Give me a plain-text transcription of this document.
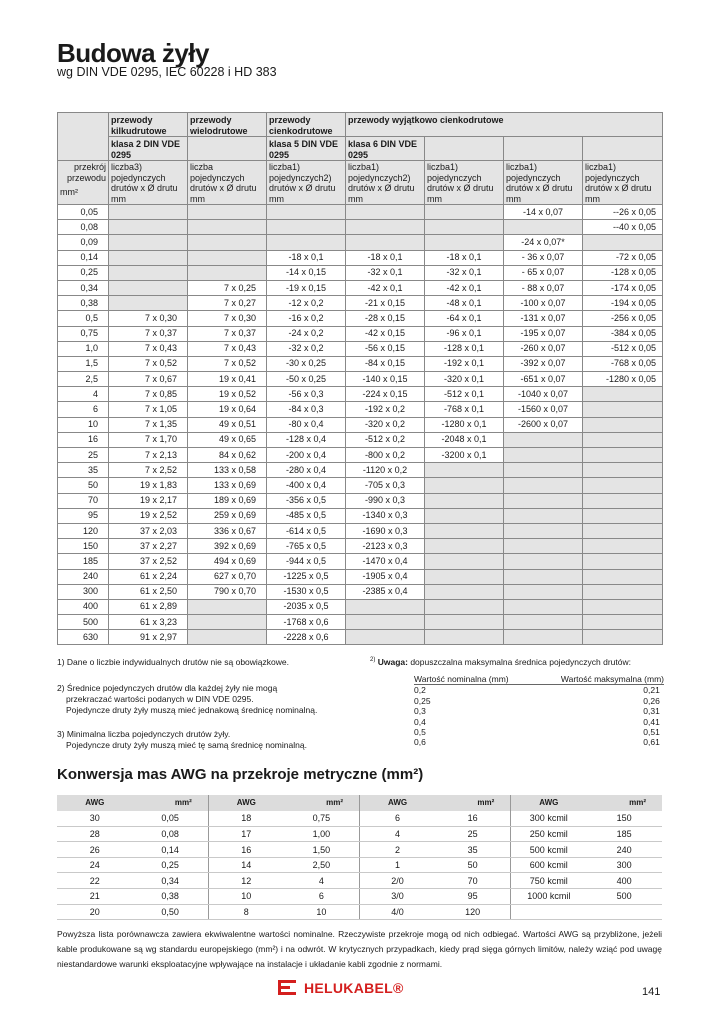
Budowa żyły
wg DIN VDE 0295, IEC 60228 i HD 383
	przewody kilkudrutowe	przewody wielodrutowe	przewody cienkodrutowe	przewody wyjątkowo cienkodrutowe			
	klasa 2 DIN VDE 0295		klasa 5 DIN VDE 0295	klasa 6 DIN VDE 0295			

przekrój przewodu
mm²	liczba3) pojedynczych drutów x Ø drutu mm	liczba pojedynczych drutów x Ø drutu mm	liczba1) pojedynczych2) drutów x Ø drutu mm	liczba1) pojedynczych2) drutów x Ø drutu mm	liczba1) pojedynczych drutów x Ø drutu mm	liczba1) pojedynczych drutów x Ø drutu mm	liczba1) pojedynczych drutów x Ø drutu mm
0,05						-14 x 0,07	--26 x 0,05
0,08							--40 x 0,05
0,09						-24 x 0,07*	
0,14			-18 x 0,1	-18 x 0,1	-18 x 0,1	- 36 x 0,07	-72 x 0,05
0,25			-14 x 0,15	-32 x 0,1	-32 x 0,1	- 65 x 0,07	-128 x 0,05
0,34		7 x 0,25	-19 x 0,15	-42 x 0,1	-42 x 0,1	- 88 x 0,07	-174 x 0,05
0,38		7 x 0,27	-12 x 0,2	-21 x 0,15	-48 x 0,1	-100 x 0,07	-194 x 0,05
0,5	7 x 0,30	7 x 0,30	-16 x 0,2	-28 x 0,15	-64 x 0,1	-131 x 0,07	-256 x 0,05
0,75	7 x 0,37	7 x 0,37	-24 x 0,2	-42 x 0,15	-96 x 0,1	-195 x 0,07	-384 x 0,05
1,0	7 x 0,43	7 x 0,43	-32 x 0,2	-56 x 0,15	-128 x 0,1	-260 x 0,07	-512 x 0,05
1,5	7 x 0,52	7 x 0,52	-30 x 0,25	-84 x 0,15	-192 x 0,1	-392 x 0,07	-768 x 0,05
2,5	7 x 0,67	19 x 0,41	-50 x 0,25	-140 x 0,15	-320 x 0,1	-651 x 0,07	-1280 x 0,05
4	7 x 0,85	19 x 0,52	-56 x 0,3	-224 x 0,15	-512 x 0,1	-1040 x 0,07	
6	7 x 1,05	19 x 0,64	-84 x 0,3	-192 x 0,2	-768 x 0,1	-1560 x 0,07	
10	7 x 1,35	49 x 0,51	-80 x 0,4	-320 x 0,2	-1280 x 0,1	-2600 x 0,07	
16	7 x 1,70	49 x 0,65	-128 x 0,4	-512 x 0,2	-2048 x 0,1		
25	7 x 2,13	84 x 0,62	-200 x 0,4	-800 x 0,2	-3200 x 0,1		
35	7 x 2,52	133 x 0,58	-280 x 0,4	-1120 x 0,2			
50	19 x 1,83	133 x 0,69	-400 x 0,4	-705 x 0,3			
70	19 x 2,17	189 x 0,69	-356 x 0,5	-990 x 0,3			
95	19 x 2,52	259 x 0,69	-485 x 0,5	-1340 x 0,3			
120	37 x 2,03	336 x 0,67	-614 x 0,5	-1690 x 0,3			
150	37 x 2,27	392 x 0,69	-765 x 0,5	-2123 x 0,3			
185	37 x 2,52	494 x 0,69	-944 x 0,5	-1470 x 0,4			
240	61 x 2,24	627 x 0,70	-1225 x 0,5	-1905 x 0,4			
300	61 x 2,50	790 x 0,70	-1530 x 0,5	-2385 x 0,4			
400	61 x 2,89		-2035 x 0,5				
500	61 x 3,23		-1768 x 0,6				
630	91 x 2,97		-2228 x 0,6				
1) Dane o liczbie indywidualnych drutów nie są obowiązkowe.
2) Średnice pojedynczych drutów dla każdej żyły nie mogą
przekraczać wartości podanych w DIN VDE 0295.
Pojedyncze druty żyły muszą mieć jednakową średnicę nominalną.
3) Minimalna liczba pojedynczych drutów żyły.
Pojedyncze druty żyły muszą mieć tę samą średnicę nominalną.
$^{2)}$ Uwaga: dopuszczalna maksymalna średnica pojedynczych drutów:
Wartość nominalna (mm)	Wartość maksymalna (mm)
0,2	0,21
0,25	0,26
0,3	0,31
0,4	0,41
0,5	0,51
0,6	0,61
Konwersja mas AWG na przekroje metryczne (mm²)
AWG	mm²	AWG	mm²	AWG	mm²	AWG	mm²
30	0,05	18	0,75	6	16	300 kcmil	150
28	0,08	17	1,00	4	25	250 kcmil	185
26	0,14	16	1,50	2	35	500 kcmil	240
24	0,25	14	2,50	1	50	600 kcmil	300
22	0,34	12	4	2/0	70	750 kcmil	400
21	0,38	10	6	3/0	95	1000 kcmil	500
20	0,50	8	10	4/0	120		
Powyższa lista porównawcza zawiera ekwiwalentne wartości nominalne. Rzeczywiste przekroje mogą od nich odbiegać. Wartości AWG są przybliżone, jeżeli kable produkowane są wg standardu europejskiego (mm²) i na odwrót. W krytycznych przypadkach, kiedy prąd sięga górnych limitów, należy wziąć pod uwagę niestandardowe warunki eksploatacyjne wpływające na instalacje i układanie kabli zgodnie z normami.
HELUKABEL®	141
